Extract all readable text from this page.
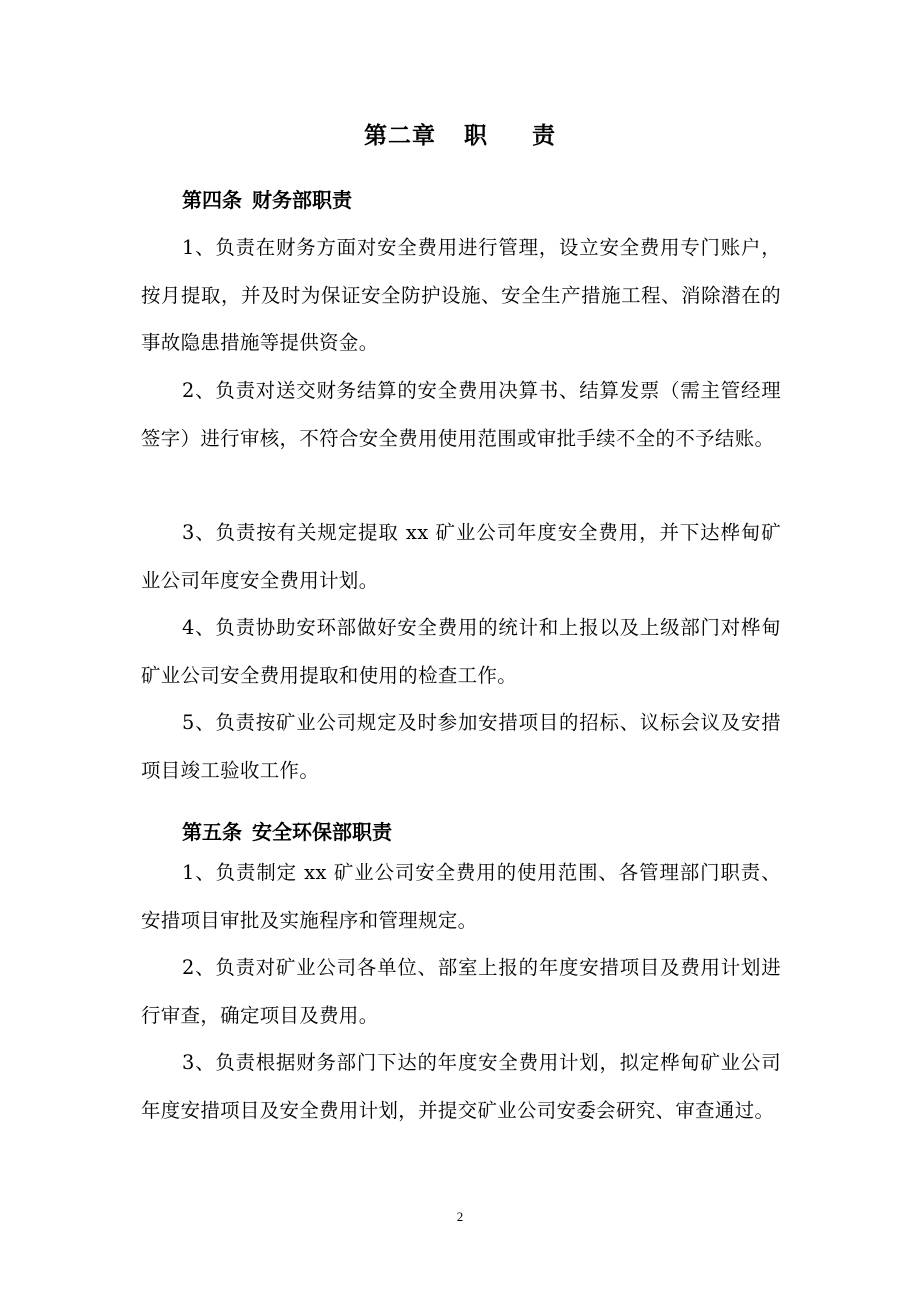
第二章 职 责
第四条 财务部职责

1、负责在财务方面对安全费用进行管理，设立安全费用专门账户，按月提取，并及时为保证安全防护设施、安全生产措施工程、消除潜在的事故隐患措施等提供资金。

2、负责对送交财务结算的安全费用决算书、结算发票（需主管经理签字）进行审核，不符合安全费用使用范围或审批手续不全的不予结账。

3、负责按有关规定提取 xx 矿业公司年度安全费用，并下达桦甸矿业公司年度安全费用计划。

4、负责协助安环部做好安全费用的统计和上报以及上级部门对桦甸矿业公司安全费用提取和使用的检查工作。

5、负责按矿业公司规定及时参加安措项目的招标、议标会议及安措项目竣工验收工作。

第五条 安全环保部职责

1、负责制定 xx 矿业公司安全费用的使用范围、各管理部门职责、安措项目审批及实施程序和管理规定。

2、负责对矿业公司各单位、部室上报的年度安措项目及费用计划进行审查，确定项目及费用。

3、负责根据财务部门下达的年度安全费用计划，拟定桦甸矿业公司年度安措项目及安全费用计划，并提交矿业公司安委会研究、审查通过。

2
